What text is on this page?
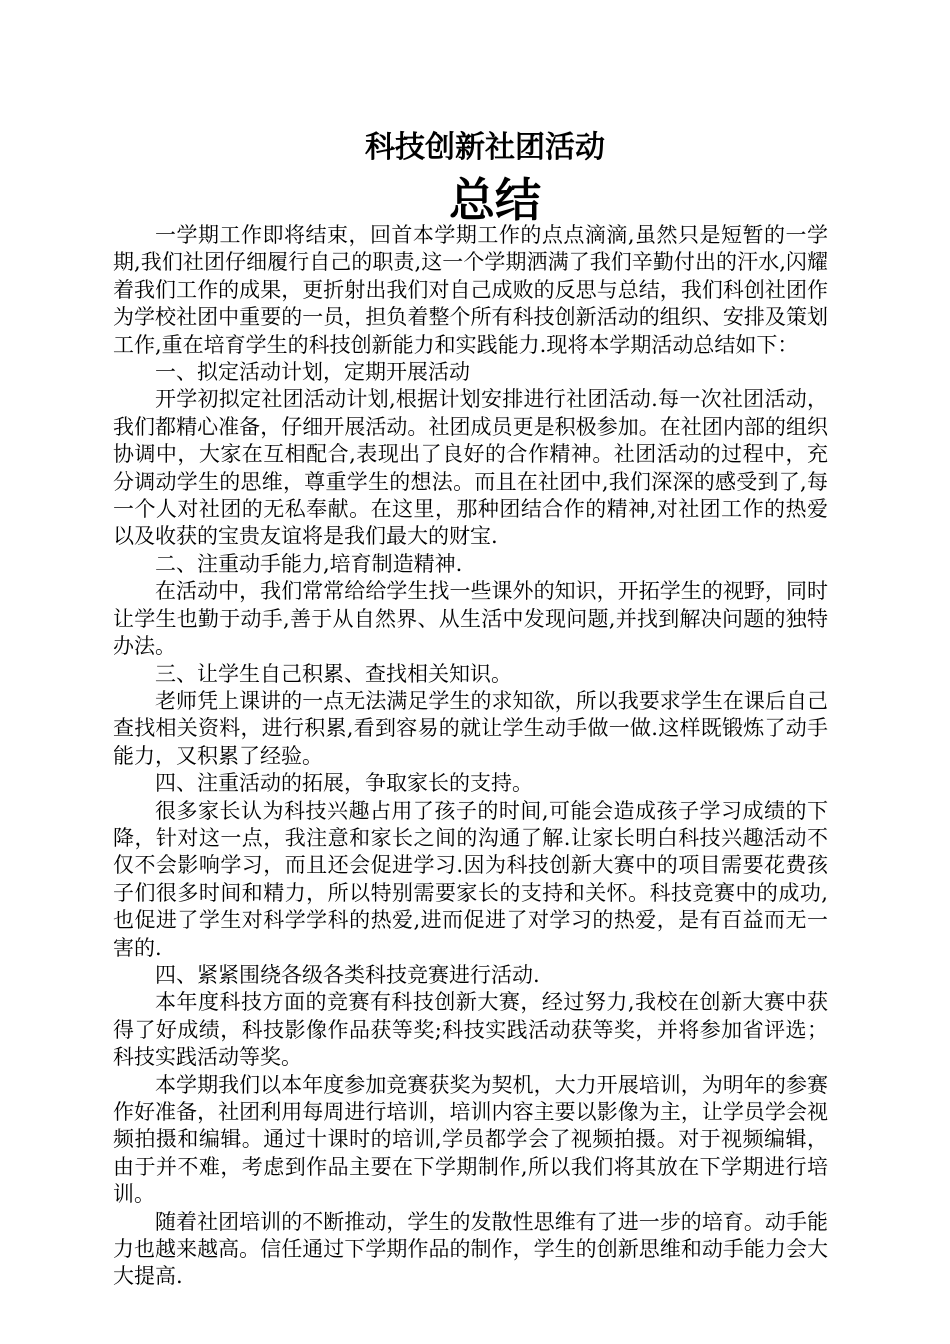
科技创新社团活动
总结

一学期工作即将结束，回首本学期工作的点点滴滴,虽然只是短暂的一学期,我们社团仔细履行自己的职责,这一个学期洒满了我们辛勤付出的汗水,闪耀着我们工作的成果，更折射出我们对自己成败的反思与总结，我们科创社团作为学校社团中重要的一员，担负着整个所有科技创新活动的组织、安排及策划工作,重在培育学生的科技创新能力和实践能力.现将本学期活动总结如下：

一、拟定活动计划，定期开展活动

开学初拟定社团活动计划,根据计划安排进行社团活动.每一次社团活动，我们都精心准备，仔细开展活动。社团成员更是积极参加。在社团内部的组织协调中，大家在互相配合,表现出了良好的合作精神。社团活动的过程中，充分调动学生的思维，尊重学生的想法。而且在社团中,我们深深的感受到了,每一个人对社团的无私奉献。在这里，那种团结合作的精神,对社团工作的热爱以及收获的宝贵友谊将是我们最大的财宝.

二、注重动手能力,培育制造精神.

在活动中，我们常常给给学生找一些课外的知识，开拓学生的视野，同时让学生也勤于动手,善于从自然界、从生活中发现问题,并找到解决问题的独特办法。

三、让学生自己积累、查找相关知识。

老师凭上课讲的一点无法满足学生的求知欲，所以我要求学生在课后自己查找相关资料，进行积累,看到容易的就让学生动手做一做.这样既锻炼了动手能力，又积累了经验。

四、注重活动的拓展，争取家长的支持。

很多家长认为科技兴趣占用了孩子的时间,可能会造成孩子学习成绩的下降，针对这一点，我注意和家长之间的沟通了解.让家长明白科技兴趣活动不仅不会影响学习，而且还会促进学习.因为科技创新大赛中的项目需要花费孩子们很多时间和精力，所以特别需要家长的支持和关怀。科技竞赛中的成功,也促进了学生对科学学科的热爱,进而促进了对学习的热爱，是有百益而无一害的.

四、紧紧围绕各级各类科技竞赛进行活动.

本年度科技方面的竞赛有科技创新大赛，经过努力,我校在创新大赛中获得了好成绩，科技影像作品获等奖;科技实践活动获等奖，并将参加省评选；科技实践活动等奖。

本学期我们以本年度参加竞赛获奖为契机，大力开展培训，为明年的参赛作好准备，社团利用每周进行培训，培训内容主要以影像为主，让学员学会视频拍摄和编辑。通过十课时的培训,学员都学会了视频拍摄。对于视频编辑，由于并不难，考虑到作品主要在下学期制作,所以我们将其放在下学期进行培训。

随着社团培训的不断推动，学生的发散性思维有了进一步的培育。动手能力也越来越高。信任通过下学期作品的制作，学生的创新思维和动手能力会大大提高.
